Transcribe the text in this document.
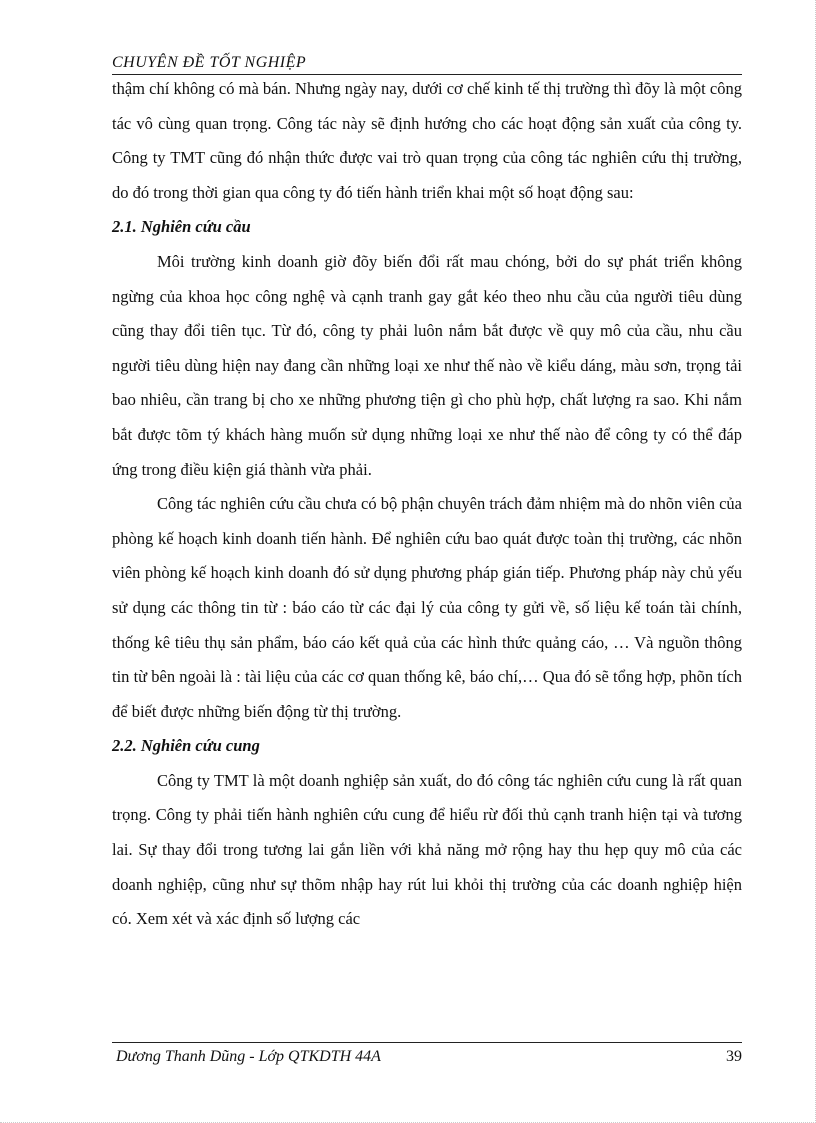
CHUYÊN ĐỀ TỐT NGHIỆP

thậm chí không có mà bán. Nhưng ngày nay, dưới cơ chế kinh tế thị trường thì đõy là một công tác vô cùng quan trọng. Công tác này sẽ định hướng cho các hoạt động sản xuất của công ty. Công ty TMT cũng đó nhận thức được vai trò quan trọng của công tác nghiên cứu thị trường, do đó trong thời gian qua công ty đó tiến hành triển khai một số hoạt động sau:

2.1. Nghiên cứu cầu

Môi trường kinh doanh giờ đõy biến đổi rất mau chóng, bởi do sự phát triển không ngừng của khoa học công nghệ và cạnh tranh gay gắt kéo theo nhu cầu của người tiêu dùng cũng thay đổi tiên tục. Từ đó, công ty phải luôn nắm bắt được về quy mô của cầu, nhu cầu người tiêu dùng hiện nay đang cần những loại xe như thế nào về kiểu dáng, màu sơn, trọng tải bao nhiêu, cần trang bị cho xe những phương tiện gì cho phù hợp, chất lượng ra sao. Khi nắm bắt được tõm tý khách hàng muốn sử dụng những loại xe như thế nào để công ty có thể đáp ứng trong điều kiện giá thành vừa phải.

Công tác nghiên cứu cầu chưa có bộ phận chuyên trách đảm nhiệm mà do nhõn viên của phòng kế hoạch kinh doanh tiến hành. Để nghiên cứu bao quát được toàn thị trường, các nhõn viên phòng kế hoạch kinh doanh đó sử dụng phương pháp gián tiếp. Phương pháp này chủ yếu sử dụng các thông tin từ : báo cáo từ các đại lý của công ty gửi về, số liệu kế toán tài chính, thống kê tiêu thụ sản phẩm, báo cáo kết quả của các hình thức quảng cáo, … Và nguồn thông tin từ bên ngoài là : tài liệu của các cơ quan thống kê, báo chí,… Qua đó sẽ tổng hợp, phõn tích để biết được những biến động từ thị trường.

2.2. Nghiên cứu cung

Công ty TMT là một doanh nghiệp sản xuất, do đó công tác nghiên cứu cung là rất quan trọng. Công ty phải tiến hành nghiên cứu cung để hiểu rừ đối thủ cạnh tranh hiện tại và tương lai. Sự thay đổi trong tương lai gắn liền với khả năng mở rộng hay thu hẹp quy mô của các doanh nghiệp, cũng như sự thõm nhập hay rút lui khỏi thị trường của các doanh nghiệp hiện có. Xem xét và xác định số lượng các

Dương Thanh Dũng - Lớp QTKDTH 44A	39
